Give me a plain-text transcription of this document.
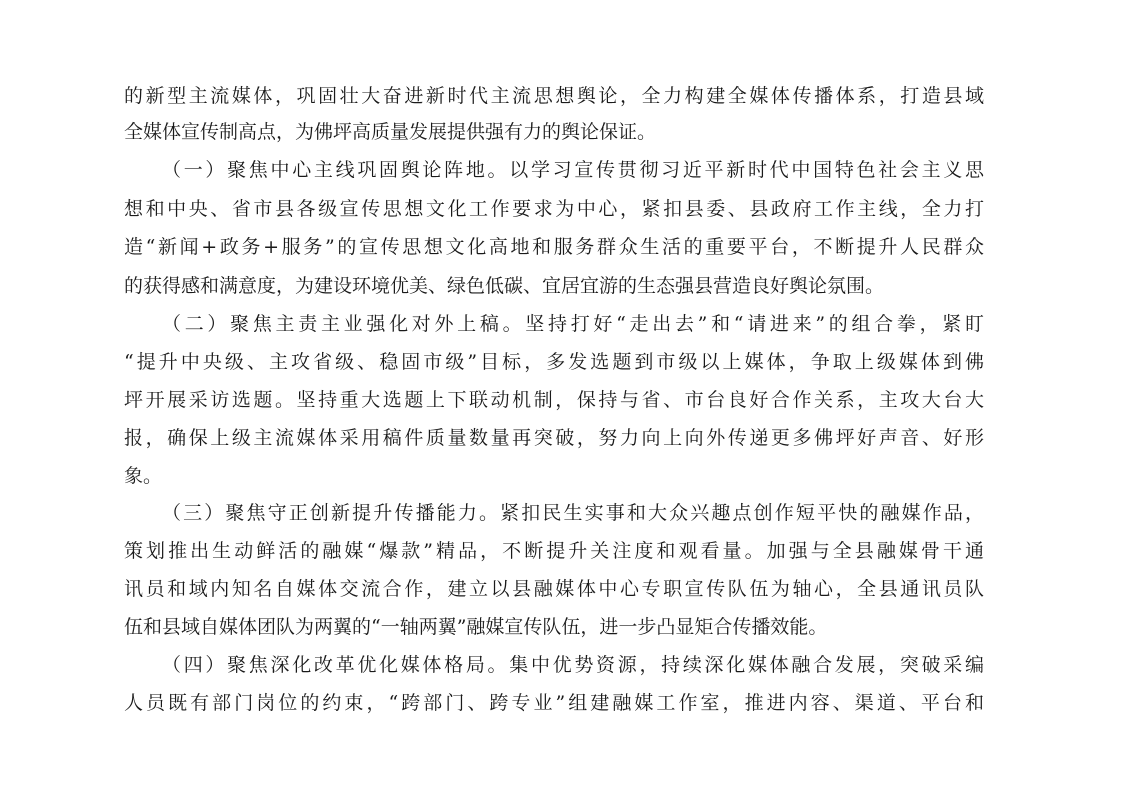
的新型主流媒体，巩固壮大奋进新时代主流思想舆论，全力构建全媒体传播体系，打造县域
全媒体宣传制高点，为佛坪高质量发展提供强有力的舆论保证。
（一）聚焦中心主线巩固舆论阵地。以学习宣传贯彻习近平新时代中国特色社会主义思
想和中央、省市县各级宣传思想文化工作要求为中心，紧扣县委、县政府工作主线，全力打
造“新闻+政务+服务”的宣传思想文化高地和服务群众生活的重要平台，不断提升人民群众
的获得感和满意度，为建设环境优美、绿色低碳、宜居宜游的生态强县营造良好舆论氛围。
（二）聚焦主责主业强化对外上稿。坚持打好“走出去”和“请进来”的组合拳，紧盯
“提升中央级、主攻省级、稳固市级”目标，多发选题到市级以上媒体，争取上级媒体到佛
坪开展采访选题。坚持重大选题上下联动机制，保持与省、市台良好合作关系，主攻大台大
报，确保上级主流媒体采用稿件质量数量再突破，努力向上向外传递更多佛坪好声音、好形
象。
（三）聚焦守正创新提升传播能力。紧扣民生实事和大众兴趣点创作短平快的融媒作品，
策划推出生动鲜活的融媒“爆款”精品，不断提升关注度和观看量。加强与全县融媒骨干通
讯员和域内知名自媒体交流合作，建立以县融媒体中心专职宣传队伍为轴心，全县通讯员队
伍和县域自媒体团队为两翼的“一轴两翼”融媒宣传队伍，进一步凸显矩合传播效能。
（四）聚焦深化改革优化媒体格局。集中优势资源，持续深化媒体融合发展，突破采编
人员既有部门岗位的约束，“跨部门、跨专业”组建融媒工作室，推进内容、渠道、平台和
